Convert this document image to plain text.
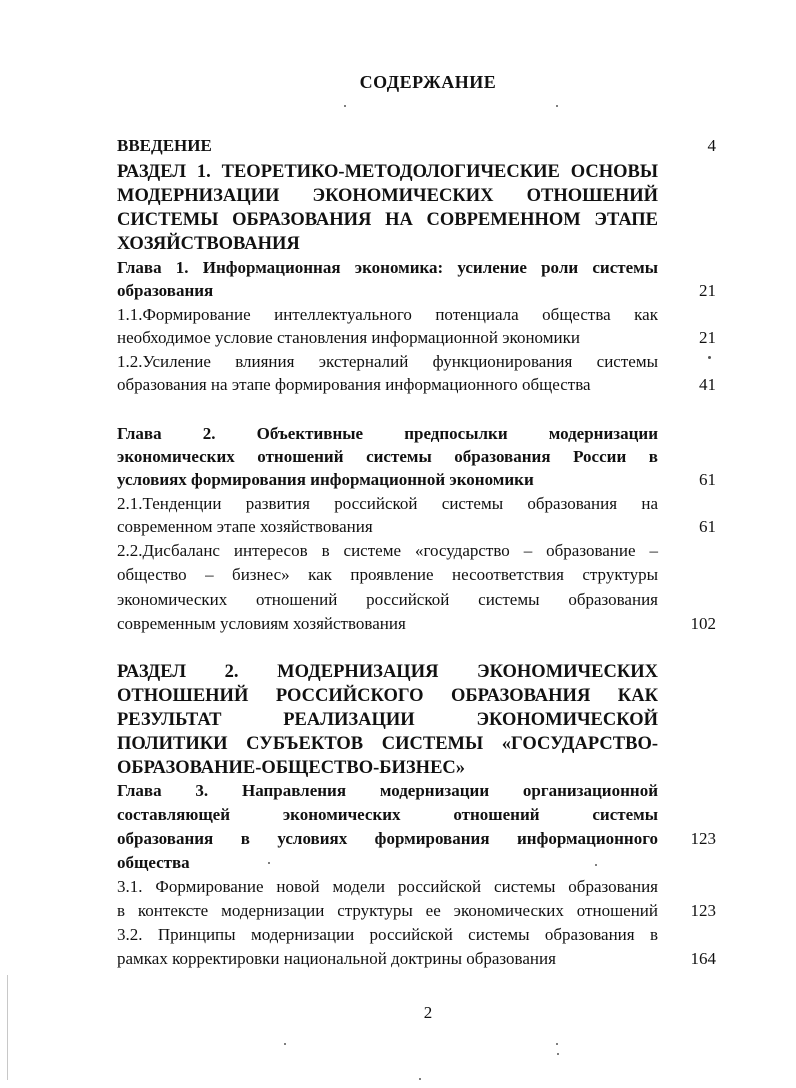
СОДЕРЖАНИЕ
ВВЕДЕНИЕ	4
РАЗДЕЛ 1. ТЕОРЕТИКО-МЕТОДОЛОГИЧЕСКИЕ ОСНОВЫ
МОДЕРНИЗАЦИИ ЭКОНОМИЧЕСКИХ ОТНОШЕНИЙ
СИСТЕМЫ ОБРАЗОВАНИЯ НА СОВРЕМЕННОМ ЭТАПЕ
ХОЗЯЙСТВОВАНИЯ
Глава 1. Информационная экономика: усиление роли системы
образования	21
1.1.Формирование интеллектуального потенциала общества как
необходимое условие становления информационной экономики	21
1.2.Усиление влияния экстерналий функционирования системы
образования на этапе формирования информационного общества	41
Глава 2. Объективные предпосылки модернизации
экономических отношений системы образования России в
условиях формирования информационной экономики	61
2.1.Тенденции развития российской системы образования на
современном этапе хозяйствования	61
2.2.Дисбаланс интересов в системе «государство – образование –
общество – бизнес» как проявление несоответствия структуры
экономических отношений российской системы образования
современным условиям хозяйствования	102
РАЗДЕЛ 2. МОДЕРНИЗАЦИЯ ЭКОНОМИЧЕСКИХ
ОТНОШЕНИЙ РОССИЙСКОГО ОБРАЗОВАНИЯ КАК
РЕЗУЛЬТАТ РЕАЛИЗАЦИИ ЭКОНОМИЧЕСКОЙ
ПОЛИТИКИ СУБЪЕКТОВ СИСТЕМЫ «ГОСУДАРСТВО-
ОБРАЗОВАНИЕ-ОБЩЕСТВО-БИЗНЕС»
Глава 3. Направления модернизации организационной
составляющей экономических отношений системы
образования в условиях формирования информационного	123
общества
3.1. Формирование новой модели российской системы образования
в контексте модернизации структуры ее экономических отношений	123
3.2. Принципы модернизации российской системы образования в
рамках корректировки национальной доктрины образования	164
2
